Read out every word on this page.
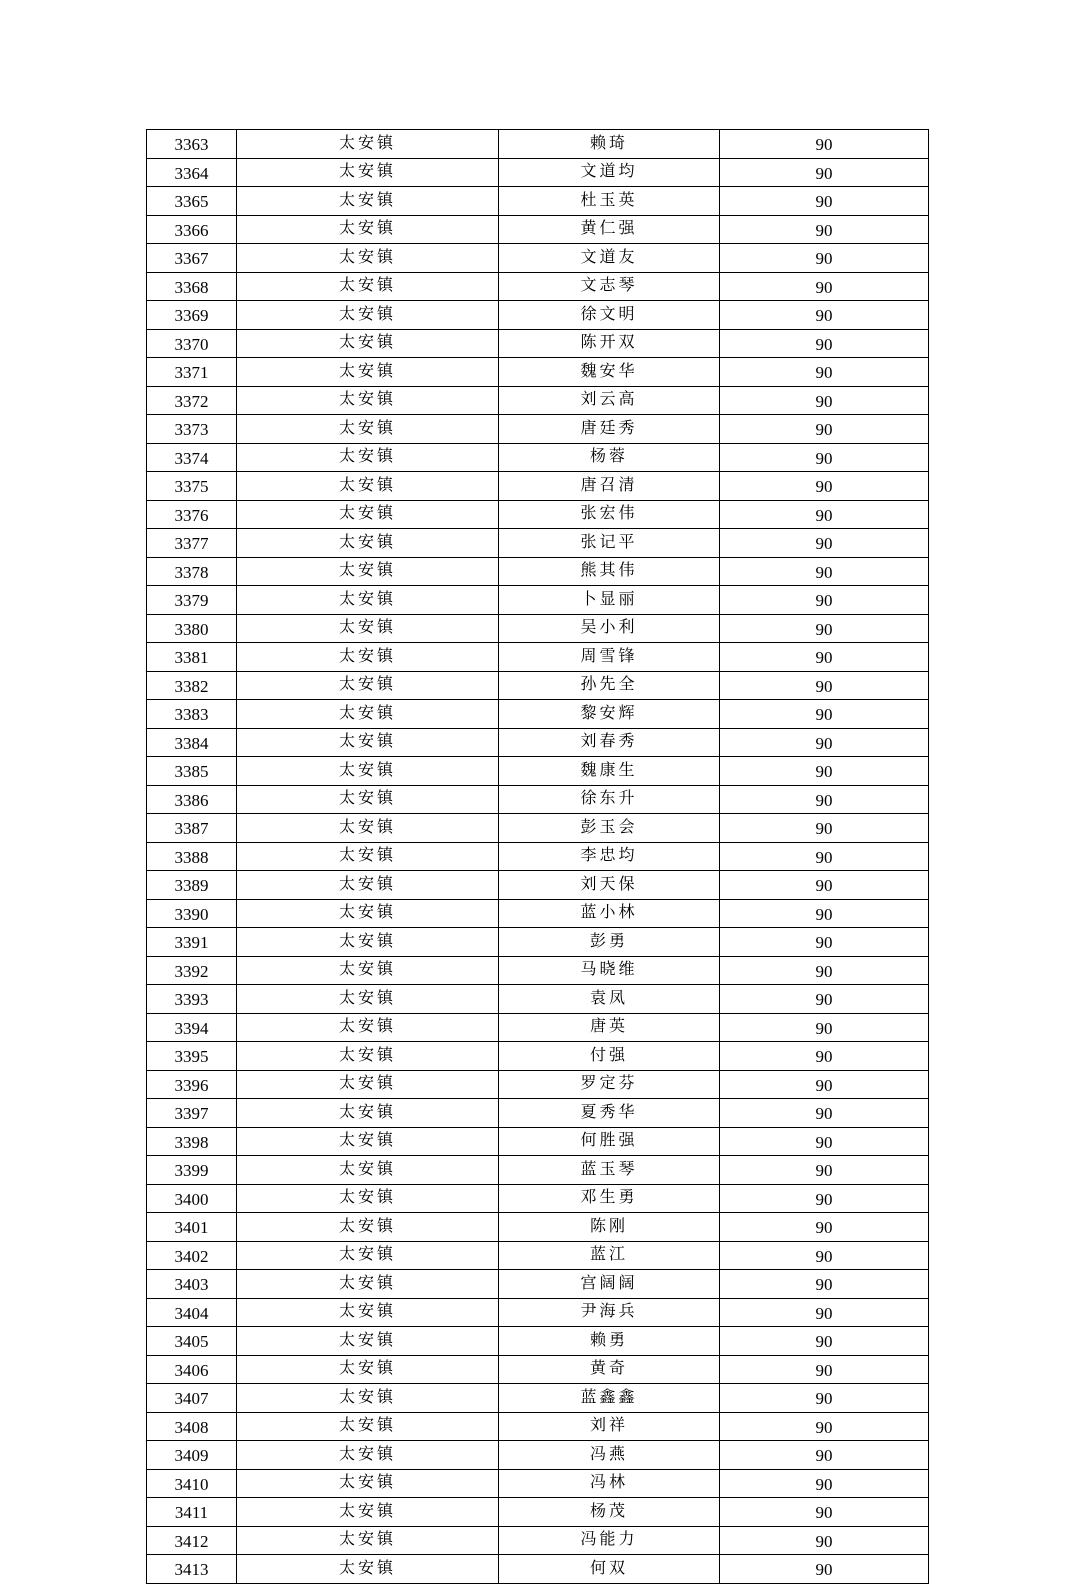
3363	太安镇	赖琦	90
3364	太安镇	文道均	90
3365	太安镇	杜玉英	90
3366	太安镇	黄仁强	90
3367	太安镇	文道友	90
3368	太安镇	文志琴	90
3369	太安镇	徐文明	90
3370	太安镇	陈开双	90
3371	太安镇	魏安华	90
3372	太安镇	刘云高	90
3373	太安镇	唐廷秀	90
3374	太安镇	杨蓉	90
3375	太安镇	唐召清	90
3376	太安镇	张宏伟	90
3377	太安镇	张记平	90
3378	太安镇	熊其伟	90
3379	太安镇	卜显丽	90
3380	太安镇	吴小利	90
3381	太安镇	周雪锋	90
3382	太安镇	孙先全	90
3383	太安镇	黎安辉	90
3384	太安镇	刘春秀	90
3385	太安镇	魏康生	90
3386	太安镇	徐东升	90
3387	太安镇	彭玉会	90
3388	太安镇	李忠均	90
3389	太安镇	刘天保	90
3390	太安镇	蓝小林	90
3391	太安镇	彭勇	90
3392	太安镇	马晓维	90
3393	太安镇	袁凤	90
3394	太安镇	唐英	90
3395	太安镇	付强	90
3396	太安镇	罗定芬	90
3397	太安镇	夏秀华	90
3398	太安镇	何胜强	90
3399	太安镇	蓝玉琴	90
3400	太安镇	邓生勇	90
3401	太安镇	陈刚	90
3402	太安镇	蓝江	90
3403	太安镇	宫阔阔	90
3404	太安镇	尹海兵	90
3405	太安镇	赖勇	90
3406	太安镇	黄奇	90
3407	太安镇	蓝鑫鑫	90
3408	太安镇	刘祥	90
3409	太安镇	冯燕	90
3410	太安镇	冯林	90
3411	太安镇	杨茂	90
3412	太安镇	冯能力	90
3413	太安镇	何双	90
